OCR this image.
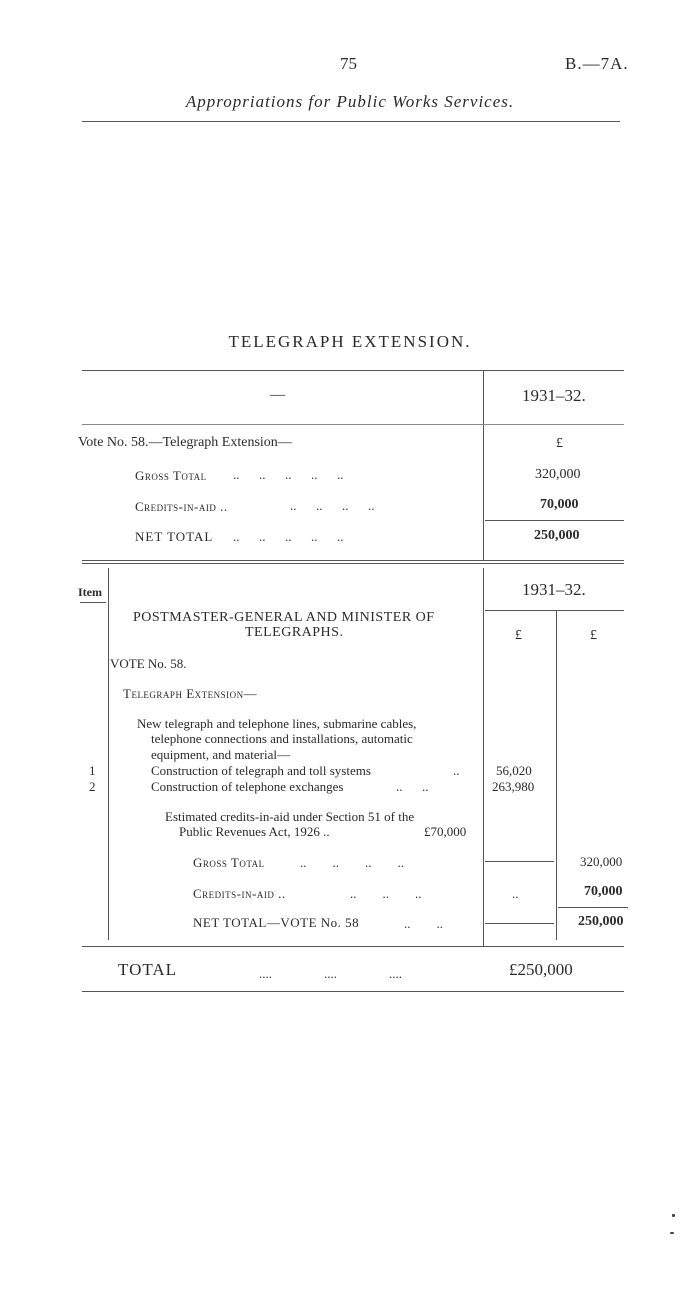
75	B.—7A.
Appropriations for Public Works Services.
TELEGRAPH EXTENSION.
—	1931–32.
Vote No. 58.—Telegraph Extension—	£
Gross Total ..      ..      ..      ..      ..	320,000
Credits-in-aid ..	..      ..      ..      ..	70,000
NET TOTAL ..      ..      ..      ..      ..	250,000
Item	1931–32.
£	£
POSTMASTER-GENERAL AND MINISTER OF
TELEGRAPHS.
VOTE No. 58.
Telegraph Extension—
New telegraph and telephone lines, submarine cables,
telephone connections and installations, automatic
equipment, and material—
1	Construction of telegraph and toll systems	..	56,020
2	Construction of telephone exchanges	..      ..	263,980
Estimated credits-in-aid under Section 51 of the
Public Revenues Act, 1926 ..	£70,000
Gross Total	..        ..        ..        ..	320,000
Credits-in-aid ..	..        ..        ..	..	70,000
NET TOTAL—VOTE No. 58	..        ..	250,000
TOTAL	....                ....                ....	£250,000
